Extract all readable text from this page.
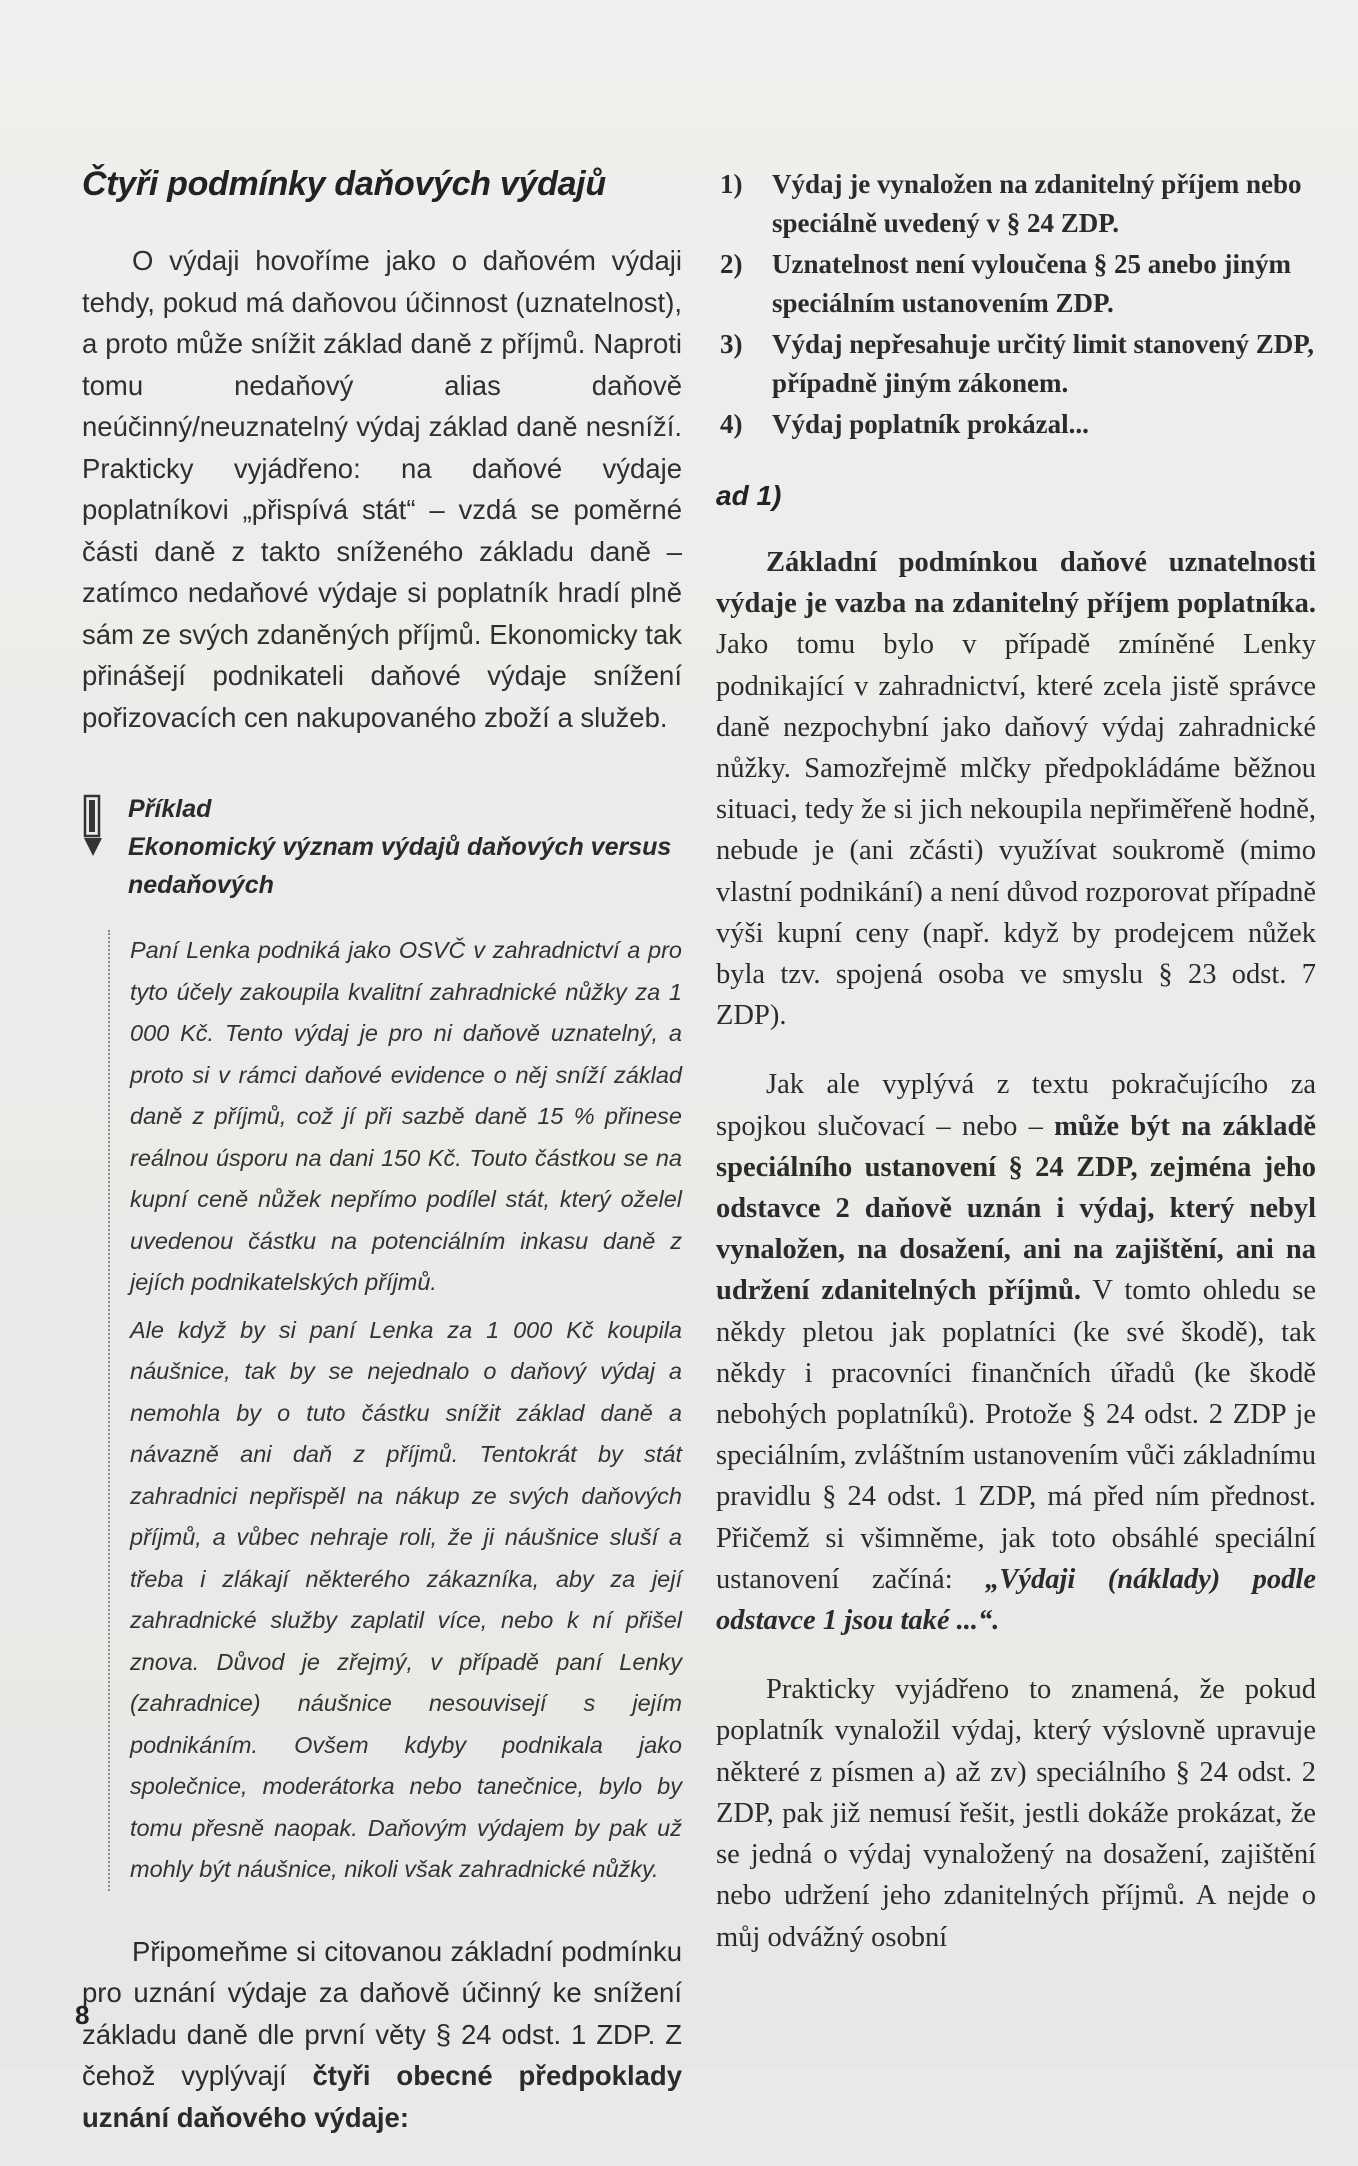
Čtyři podmínky daňových výdajů

O výdaji hovoříme jako o daňovém výdaji tehdy, pokud má daňovou účinnost (uznatelnost), a proto může snížit základ daně z příjmů. Naproti tomu nedaňový alias daňově neúčinný/neuznatelný výdaj základ daně nesníží. Prakticky vyjádřeno: na daňové výdaje poplatníkovi „přispívá stát“ – vzdá se poměrné části daně z takto sníženého základu daně – zatímco nedaňové výdaje si poplatník hradí plně sám ze svých zdaněných příjmů. Ekonomicky tak přinášejí podnikateli daňové výdaje snížení pořizovacích cen nakupovaného zboží a služeb.

Příklad
Ekonomický význam výdajů daňových versus nedaňových

Paní Lenka podniká jako OSVČ v zahradnictví a pro tyto účely zakoupila kvalitní zahradnické nůžky za 1 000 Kč. Tento výdaj je pro ni daňově uznatelný, a proto si v rámci daňové evidence o něj sníží základ daně z příjmů, což jí při sazbě daně 15 % přinese reálnou úsporu na dani 150 Kč. Touto částkou se na kupní ceně nůžek nepřímo podílel stát, který oželel uvedenou částku na potenciálním inkasu daně z jejích podnikatelských příjmů.

Ale když by si paní Lenka za 1 000 Kč koupila náušnice, tak by se nejednalo o daňový výdaj a nemohla by o tuto částku snížit základ daně a návazně ani daň z příjmů. Tentokrát by stát zahradnici nepřispěl na nákup ze svých daňových příjmů, a vůbec nehraje roli, že ji náušnice sluší a třeba i zlákají některého zákazníka, aby za její zahradnické služby zaplatil více, nebo k ní přišel znova. Důvod je zřejmý, v případě paní Lenky (zahradnice) náušnice nesouvisejí s jejím podnikáním. Ovšem kdyby podnikala jako společnice, moderátorka nebo tanečnice, bylo by tomu přesně naopak. Daňovým výdajem by pak už mohly být náušnice, nikoli však zahradnické nůžky.

Připomeňme si citovanou základní podmínku pro uznání výdaje za daňově účinný ke snížení základu daně dle první věty § 24 odst. 1 ZDP. Z čehož vyplývají čtyři obecné předpoklady uznání daňového výdaje:

1) Výdaj je vynaložen na zdanitelný příjem nebo speciálně uvedený v § 24 ZDP.
2) Uznatelnost není vyloučena § 25 anebo jiným speciálním ustanovením ZDP.
3) Výdaj nepřesahuje určitý limit stanovený ZDP, případně jiným zákonem.
4) Výdaj poplatník prokázal...
ad 1)

Základní podmínkou daňové uznatelnosti výdaje je vazba na zdanitelný příjem poplatníka. Jako tomu bylo v případě zmíněné Lenky podnikající v zahradnictví, které zcela jistě správce daně nezpochybní jako daňový výdaj zahradnické nůžky. Samozřejmě mlčky předpokládáme běžnou situaci, tedy že si jich nekoupila nepřiměřeně hodně, nebude je (ani zčásti) využívat soukromě (mimo vlastní podnikání) a není důvod rozporovat případně výši kupní ceny (např. když by prodejcem nůžek byla tzv. spojená osoba ve smyslu § 23 odst. 7 ZDP).

Jak ale vyplývá z textu pokračujícího za spojkou slučovací – nebo – může být na základě speciálního ustanovení § 24 ZDP, zejména jeho odstavce 2 daňově uznán i výdaj, který nebyl vynaložen, na dosažení, ani na zajištění, ani na udržení zdanitelných příjmů. V tomto ohledu se někdy pletou jak poplatníci (ke své škodě), tak někdy i pracovníci finančních úřadů (ke škodě nebohých poplatníků). Protože § 24 odst. 2 ZDP je speciálním, zvláštním ustanovením vůči základnímu pravidlu § 24 odst. 1 ZDP, má před ním přednost. Přičemž si všimněme, jak toto obsáhlé speciální ustanovení začíná: „Výdaji (náklady) podle odstavce 1 jsou také ...“.

Prakticky vyjádřeno to znamená, že pokud poplatník vynaložil výdaj, který výslovně upravuje některé z písmen a) až zv) speciálního § 24 odst. 2 ZDP, pak již nemusí řešit, jestli dokáže prokázat, že se jedná o výdaj vynaložený na dosažení, zajištění nebo udržení jeho zdanitelných příjmů. A nejde o můj odvážný osobní

8
